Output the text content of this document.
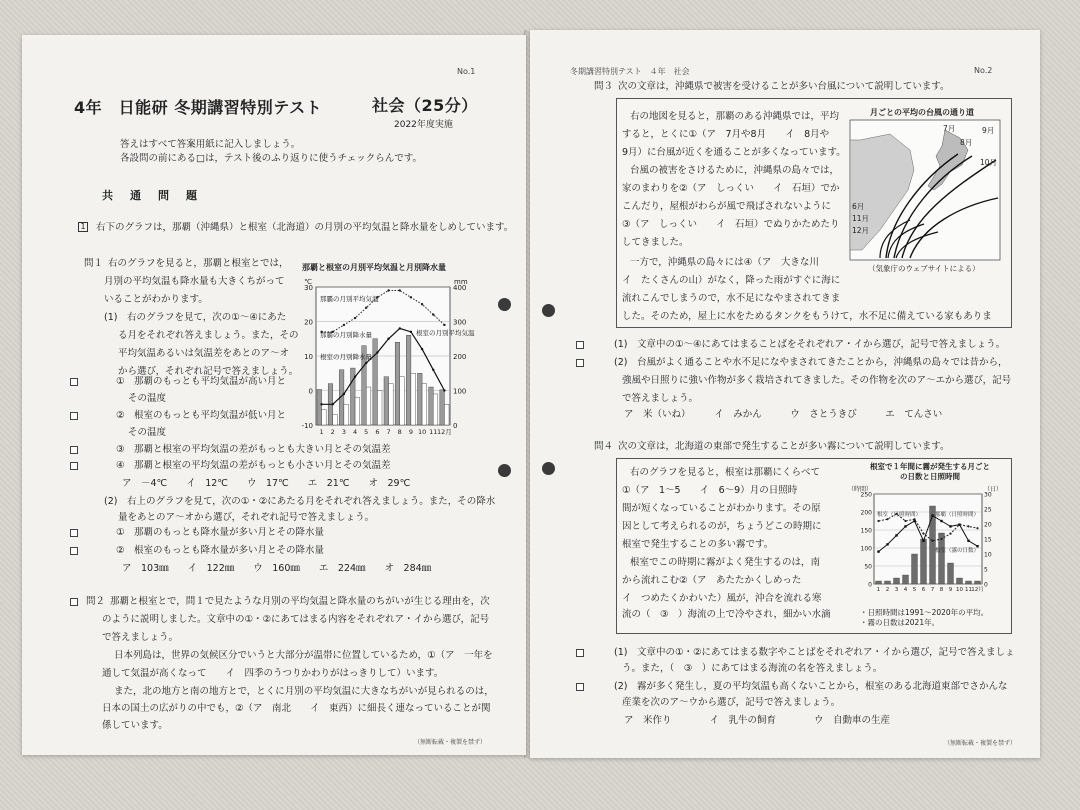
No.1
4年　日能研 冬期講習特別テスト	社会（25分）
2022年度実施
答えはすべて答案用紙に記入しましょう。
各設問の前にある□は，テスト後のふり返りに使うチェックらんです。
共　通　問　題
1 右下のグラフは，那覇（沖縄県）と根室（北海道）の月別の平均気温と降水量をしめしています。
問１ 右のグラフを見ると，那覇と根室とでは，
月別の平均気温も降水量も大きくちがって
いることがわかります。
(1)　右のグラフを見て，次の①～④にあた
る月をそれぞれ答えましょう。また，その
平均気温あるいは気温差をあとのア～オ
から選び，それぞれ記号で答えましょう。
①　那覇のもっとも平均気温が高い月と
その温度
②　根室のもっとも平均気温が低い月と
その温度
③　那覇と根室の平均気温の差がもっとも大きい月とその気温差
④　那覇と根室の平均気温の差がもっとも小さい月とその気温差
ア　－4℃　　イ　12℃　　ウ　17℃　　エ　21℃　　オ　29℃
(2)　右上のグラフを見て，次の①・②にあたる月をそれぞれ答えましょう。また，その降水
量をあとのア～オから選び，それぞれ記号で答えましょう。
①　那覇のもっとも降水量が多い月とその降水量
②　根室のもっとも降水量が多い月とその降水量
ア　103㎜　　イ　122㎜　　ウ　160㎜　　エ　224㎜　　オ　284㎜
問２ 那覇と根室とで，問１で見たような月別の平均気温と降水量のちがいが生じる理由を，次
のように説明しました。文章中の①・②にあてはまる内容をそれぞれア・イから選び，記号
で答えましょう。
日本列島は，世界の気候区分でいうと大部分が温帯に位置しているため，①（ア　一年を
通して気温が高くなって　　イ　四季のうつりかわりがはっきりして）います。
また，北の地方と南の地方とで，とくに月別の平均気温に大きなちがいが見られるのは，
日本の国土の広がりの中でも，②（ア　南北　　イ　東西）に細長く連なっていることが関
係しています。
（無断転載・複製を禁ず）
那覇と根室の月別平均気温と月別降水量
30
20
10
0
-10
400
300
200
100
0
℃	mm
1 2 3 4 5 6 7 8 9 10 11 12月
那覇の月別平均気温
那覇の月別降水量
根室の月別降水量
根室の月別平均気温
冬期講習特別テスト　４年　社会	No.2
問３ 次の文章は，沖縄県で被害を受けることが多い台風について説明しています。
右の地図を見ると，那覇のある沖縄県では，平均
すると，とくに①（ア　7月や8月　　イ　8月や
9月）に台風が近くを通ることが多くなっています。
台風の被害をさけるために，沖縄県の島々では，
家のまわりを②（ア　しっくい　　イ　石垣）でか
こんだり，屋根がわらが風で飛ばされないように
③（ア　しっくい　　イ　石垣）でぬりかためたり
してきました。
一方で，沖縄県の島々には④（ア　大きな川
イ　たくさんの山）がなく，降った雨がすぐに海に
流れこんでしまうので，水不足になやまされてきま
した。そのため，屋上に水をためるタンクをもうけて，水不足に備えている家もありま
月ごとの平均の台風の通り道
7月
8月
9月
10月
6月
11月
12月
（気象庁のウェブサイトによる）
(1)　文章中の①～④にあてはまることばをそれぞれア・イから選び，記号で答えましょう。
(2)　台風がよく通ることや水不足になやまされてきたことから，沖縄県の島々では昔から，
強風や日照りに強い作物が多く栽培されてきました。その作物を次のア～エから選び，記号
で答えましょう。
ア　米（いね）　　　イ　みかん　　　ウ　さとうきび　　　エ　てんさい
問４ 次の文章は，北海道の東部で発生することが多い霧について説明しています。
右のグラフを見ると，根室は那覇にくらべて
①（ア　1～5　　イ　6～9）月の日照時
間が短くなっていることがわかります。その原
因として考えられるのが，ちょうどこの時期に
根室で発生することの多い霧です。
根室でこの時期に霧がよく発生するのは，南
から流れこむ②（ア　あたたかくしめった
イ　つめたくかわいた）風が，沖合を流れる寒
流の（　③　）海流の上で冷やされ，細かい水滴
根室で１年間に霧が発生する月ごとの日数と日照時間
250
200
150
100
50
0
30
25
20
15
10
5
0
（時間）	（日）
1 2 3 4 5 6 7 8 9 10 11 12月
根室（日照時間）	那覇（日照時間）
根室（霧の日数）
・日照時間は1991～2020年の平均。
・霧の日数は2021年。
(1)　文章中の①・②にあてはまる数字やことばをそれぞれア・イから選び，記号で答えましょ
う。また，（　③　）にあてはまる海流の名を答えましょう。
(2)　霧が多く発生し，夏の平均気温も高くないことから，根室のある北海道東部でさかんな
産業を次のア～ウから選び，記号で答えましょう。
ア　米作り　　　　イ　乳牛の飼育　　　　ウ　自動車の生産
（無断転載・複製を禁ず）
